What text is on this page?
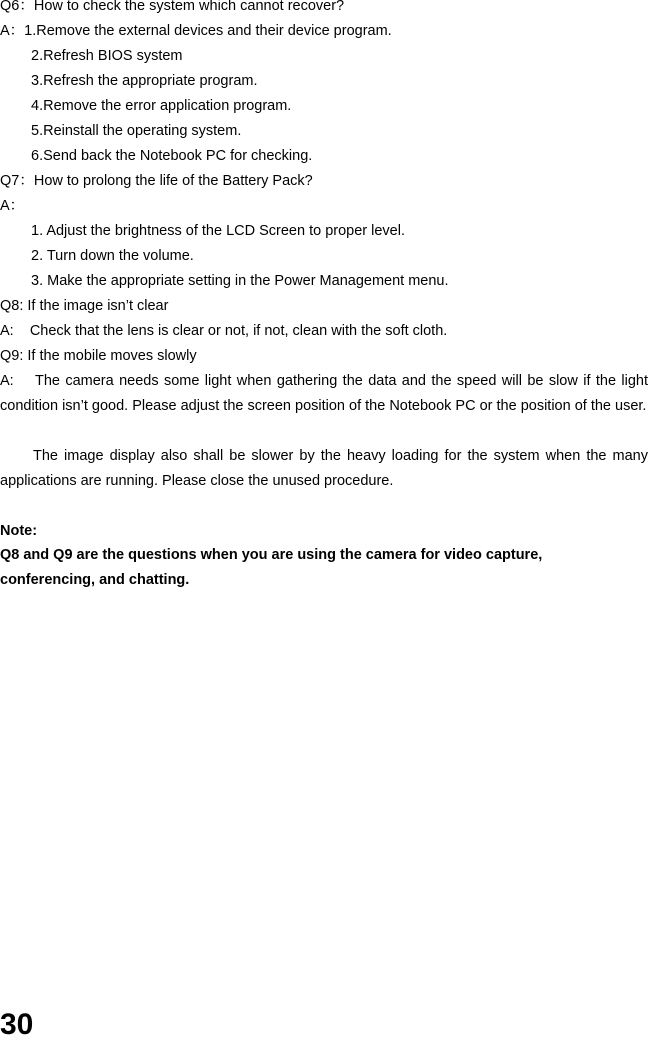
Q6：How to check the system which cannot recover?
A：1.Remove the external devices and their device program.
2.Refresh BIOS system
3.Refresh the appropriate program.
4.Remove the error application program.
5.Reinstall the operating system.
6.Send back the Notebook PC for checking.
Q7：How to prolong the life of the Battery Pack?
A：
1. Adjust the brightness of the LCD Screen to proper level.
2. Turn down the volume.
3. Make the appropriate setting in the Power Management menu.
Q8: If the image isn’t clear
A:    Check that the lens is clear or not, if not, clean with the soft cloth.
Q9: If the mobile moves slowly
A:    The camera needs some light when gathering the data and the speed will be slow if the light condition isn’t good. Please adjust the screen position of the Notebook PC or the position of the user.
The image display also shall be slower by the heavy loading for the system when the many applications are running. Please close the unused procedure.
Note:
Q8 and Q9 are the questions when you are using the camera for video capture, conferencing, and chatting.
30
